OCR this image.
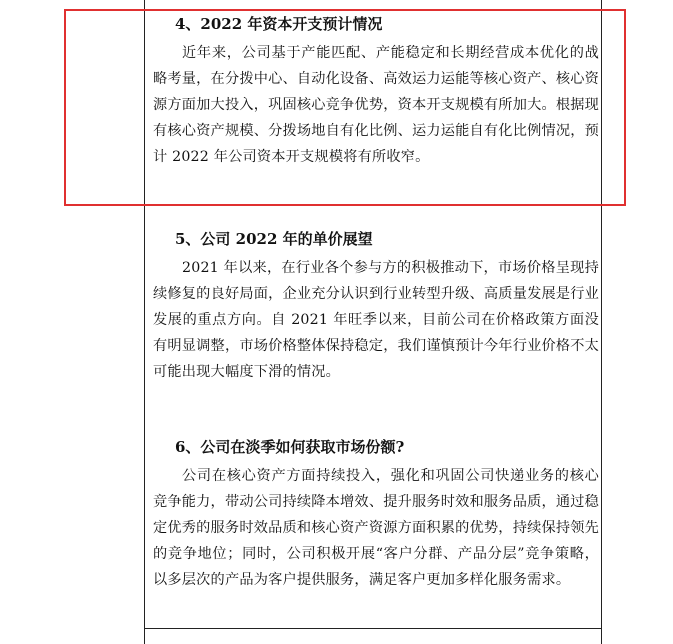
4、2022 年资本开支预计情况

近年来，公司基于产能匹配、产能稳定和长期经营成本优化的战略考量，在分拨中心、自动化设备、高效运力运能等核心资产、核心资源方面加大投入，巩固核心竞争优势，资本开支规模有所加大。根据现有核心资产规模、分拨场地自有化比例、运力运能自有化比例情况，预计 2022 年公司资本开支规模将有所收窄。

5、公司 2022 年的单价展望

2021 年以来，在行业各个参与方的积极推动下，市场价格呈现持续修复的良好局面，企业充分认识到行业转型升级、高质量发展是行业发展的重点方向。自 2021 年旺季以来，目前公司在价格政策方面没有明显调整，市场价格整体保持稳定，我们谨慎预计今年行业价格不太可能出现大幅度下滑的情况。

6、公司在淡季如何获取市场份额?

公司在核心资产方面持续投入，强化和巩固公司快递业务的核心竞争能力，带动公司持续降本增效、提升服务时效和服务品质，通过稳定优秀的服务时效品质和核心资产资源方面积累的优势，持续保持领先的竞争地位；同时，公司积极开展“客户分群、产品分层”竞争策略，以多层次的产品为客户提供服务，满足客户更加多样化服务需求。
